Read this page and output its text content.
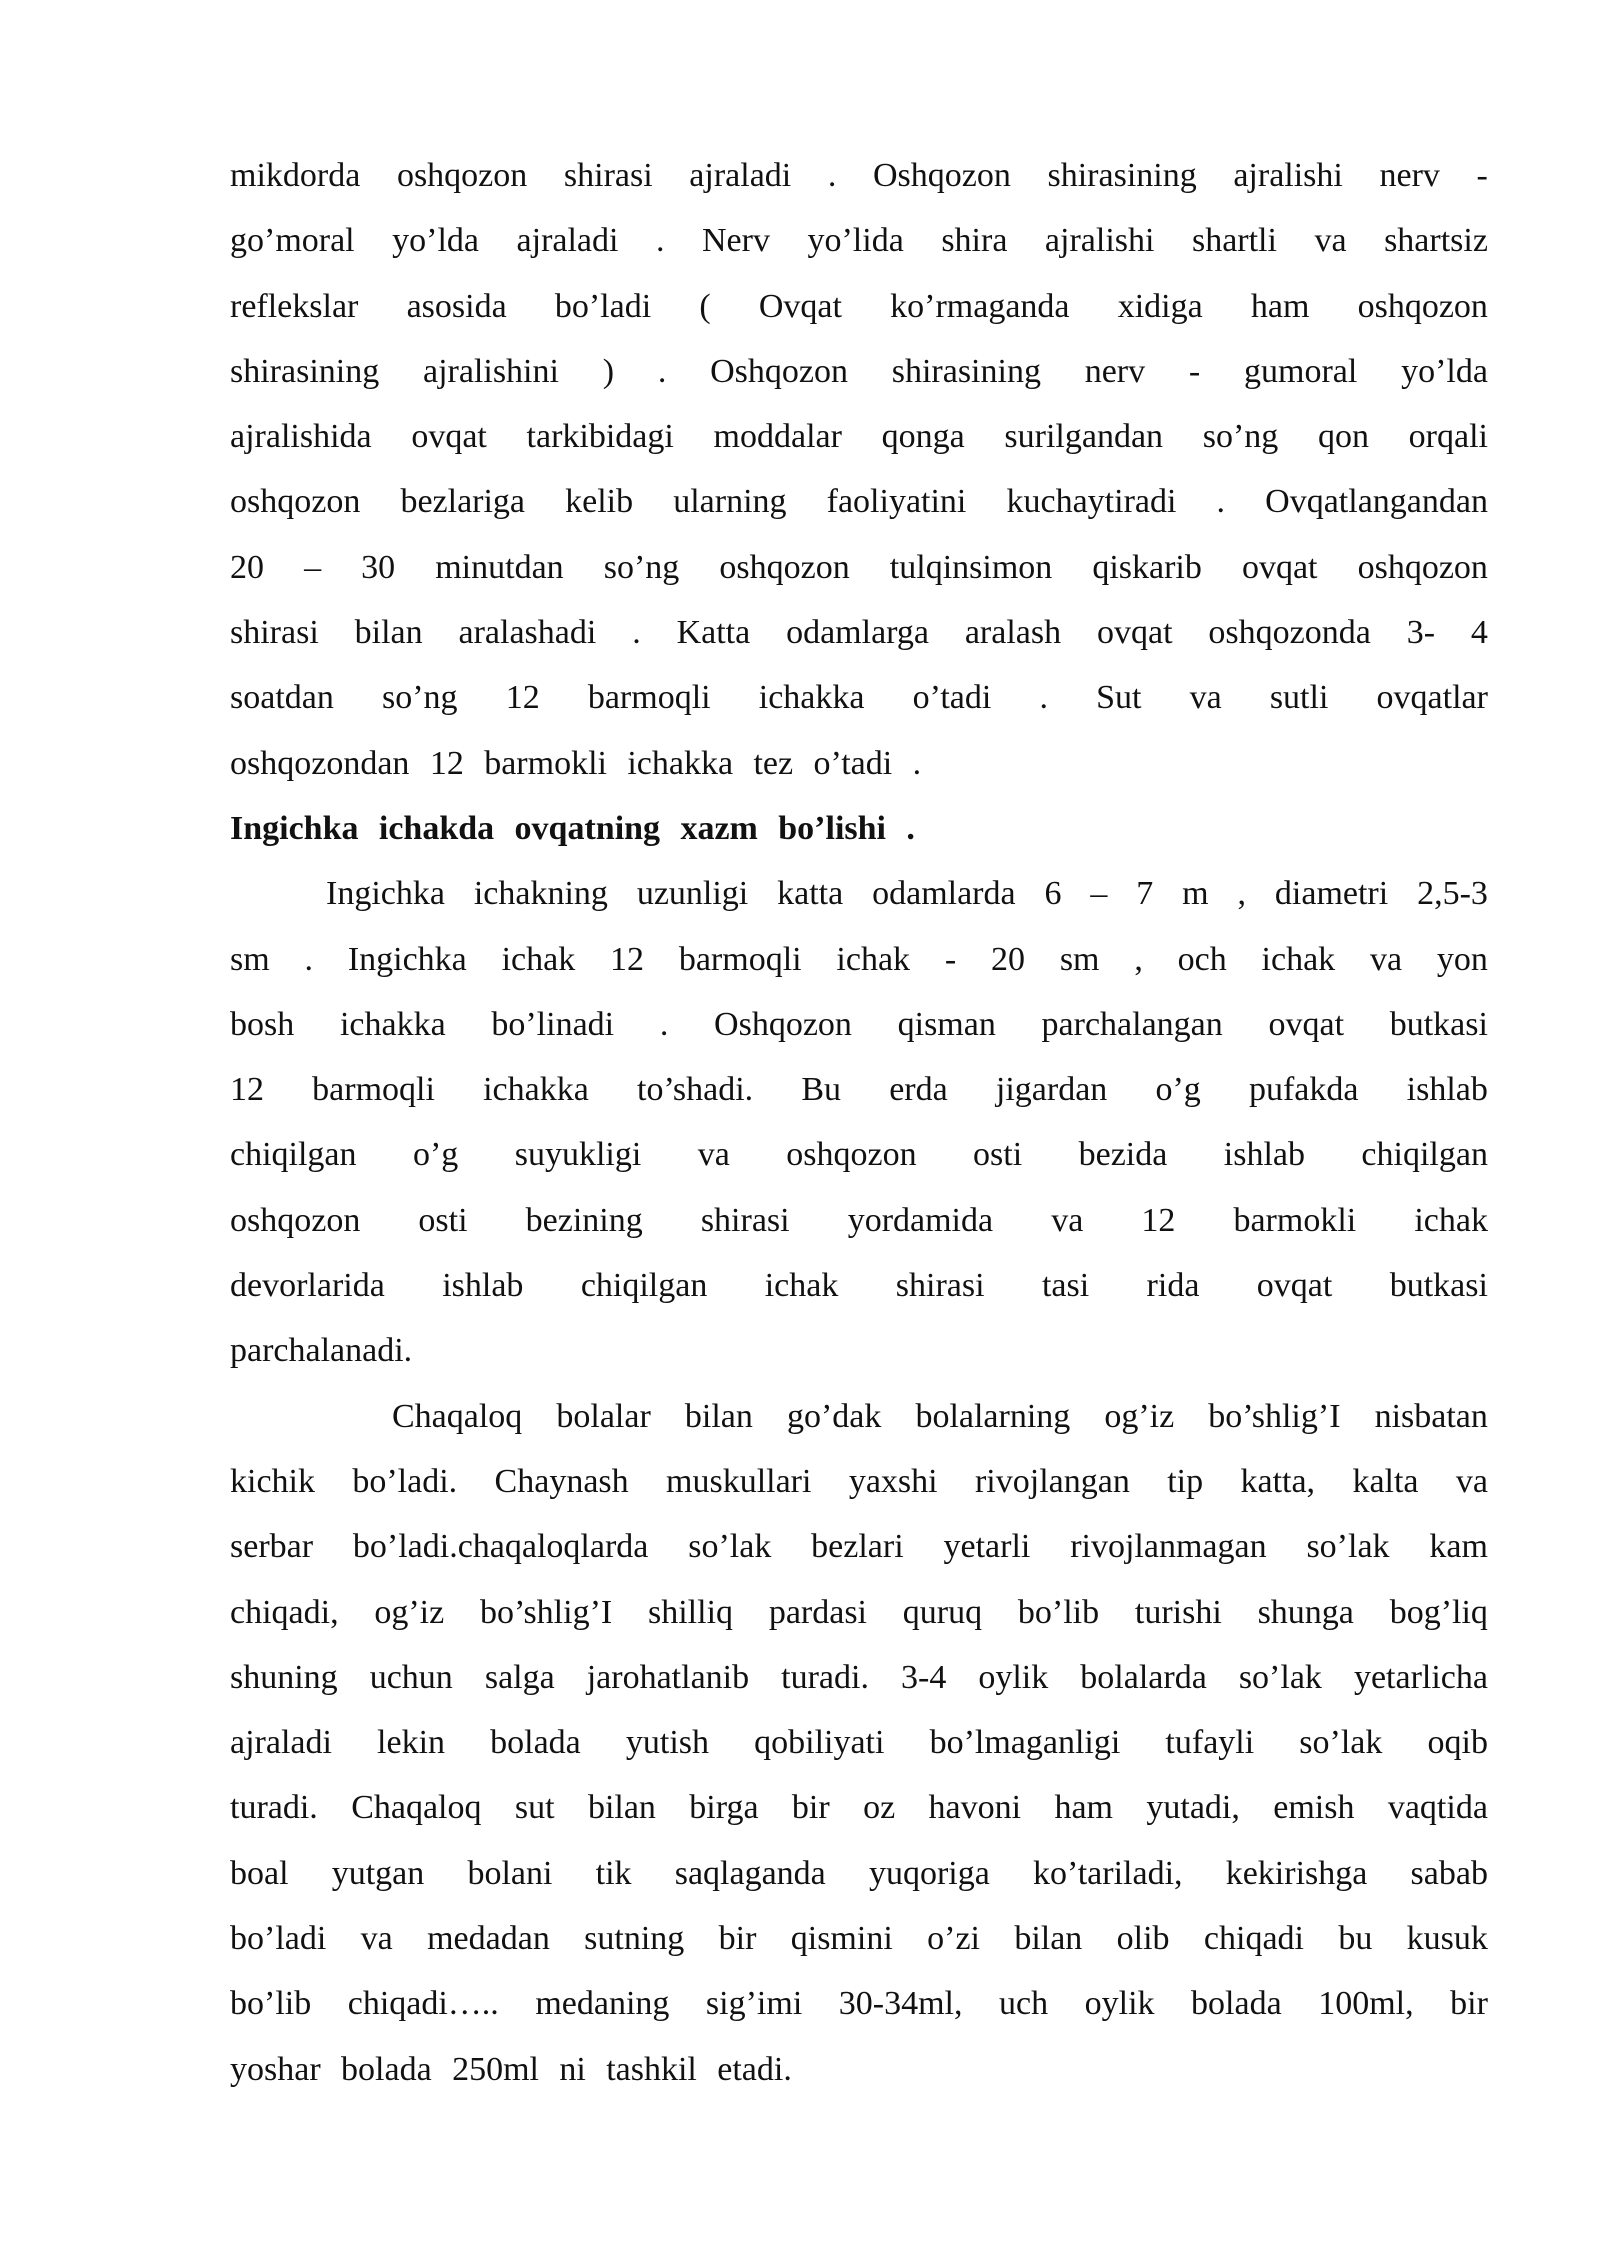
mikdorda oshqozon shirasi ajraladi . Oshqozon shirasining ajralishi nerv -
go’moral yo’lda ajraladi . Nerv yo’lida shira ajralishi shartli va shartsiz
reflekslar asosida bo’ladi ( Ovqat ko’rmaganda xidiga ham oshqozon
shirasining ajralishini ) . Oshqozon shirasining nerv - gumoral yo’lda
ajralishida ovqat tarkibidagi moddalar qonga surilgandan so’ng qon orqali
oshqozon bezlariga kelib ularning faoliyatini kuchaytiradi . Ovqatlangandan
20 – 30 minutdan so’ng oshqozon tulqinsimon qiskarib ovqat oshqozon
shirasi bilan aralashadi . Katta odamlarga aralash ovqat oshqozonda 3- 4
soatdan so’ng 12 barmoqli ichakka o’tadi . Sut va sutli ovqatlar
oshqozondan 12 barmokli ichakka tez o’tadi .
Ingichka ichakda ovqatning xazm bo’lishi .
Ingichka ichakning uzunligi katta odamlarda 6 – 7 m , diametri 2,5-3
sm . Ingichka ichak 12 barmoqli ichak - 20 sm , och ichak va yon
bosh ichakka bo’linadi . Oshqozon qisman parchalangan ovqat butkasi
12 barmoqli ichakka to’shadi. Bu erda jigardan o’g pufakda ishlab
chiqilgan o’g suyukligi va oshqozon osti bezida ishlab chiqilgan
oshqozon osti bezining shirasi yordamida va 12 barmokli ichak
devorlarida ishlab chiqilgan ichak shirasi tasi rida ovqat butkasi
parchalanadi.
Chaqaloq bolalar bilan go’dak bolalarning og’iz bo’shlig’I nisbatan
kichik bo’ladi. Chaynash muskullari yaxshi rivojlangan tip katta, kalta va
serbar bo’ladi.chaqaloqlarda so’lak bezlari yetarli rivojlanmagan so’lak kam
chiqadi, og’iz bo’shlig’I shilliq pardasi quruq bo’lib turishi shunga bog’liq
shuning uchun salga jarohatlanib turadi. 3-4 oylik bolalarda so’lak yetarlicha
ajraladi lekin bolada yutish qobiliyati bo’lmaganligi tufayli so’lak oqib
turadi. Chaqaloq sut bilan birga bir oz havoni ham yutadi, emish vaqtida
boal yutgan bolani tik saqlaganda yuqoriga ko’tariladi, kekirishga sabab
bo’ladi va medadan sutning bir qismini o’zi bilan olib chiqadi bu kusuk
bo’lib chiqadi….. medaning sig’imi 30-34ml, uch oylik bolada 100ml, bir
yoshar bolada 250ml ni tashkil etadi.
